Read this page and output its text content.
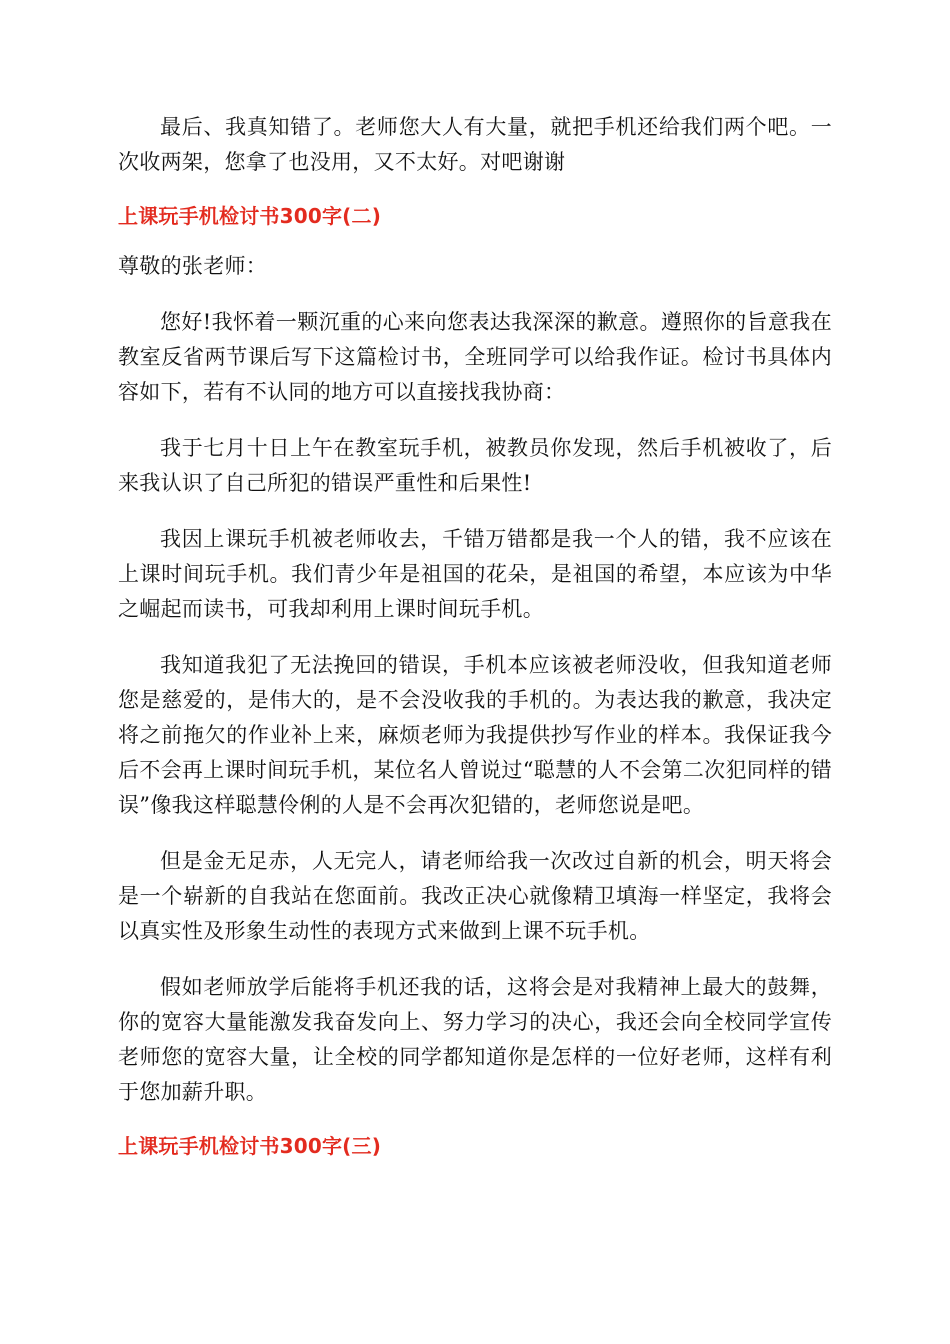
最后、我真知错了。老师您大人有大量，就把手机还给我们两个吧。一次收两架，您拿了也没用，又不太好。对吧谢谢

上课玩手机检讨书300字(二)

尊敬的张老师：

您好!我怀着一颗沉重的心来向您表达我深深的歉意。遵照你的旨意我在教室反省两节课后写下这篇检讨书，全班同学可以给我作证。检讨书具体内容如下，若有不认同的地方可以直接找我协商：

我于七月十日上午在教室玩手机，被教员你发现，然后手机被收了，后来我认识了自己所犯的错误严重性和后果性!

我因上课玩手机被老师收去，千错万错都是我一个人的错，我不应该在上课时间玩手机。我们青少年是祖国的花朵，是祖国的希望，本应该为中华之崛起而读书，可我却利用上课时间玩手机。

我知道我犯了无法挽回的错误，手机本应该被老师没收，但我知道老师您是慈爱的，是伟大的，是不会没收我的手机的。为表达我的歉意，我决定将之前拖欠的作业补上来，麻烦老师为我提供抄写作业的样本。我保证我今后不会再上课时间玩手机，某位名人曾说过“聪慧的人不会第二次犯同样的错误”像我这样聪慧伶俐的人是不会再次犯错的，老师您说是吧。

但是金无足赤，人无完人，请老师给我一次改过自新的机会，明天将会是一个崭新的自我站在您面前。我改正决心就像精卫填海一样坚定，我将会以真实性及形象生动性的表现方式来做到上课不玩手机。

假如老师放学后能将手机还我的话，这将会是对我精神上最大的鼓舞，你的宽容大量能激发我奋发向上、努力学习的决心，我还会向全校同学宣传老师您的宽容大量，让全校的同学都知道你是怎样的一位好老师，这样有利于您加薪升职。

上课玩手机检讨书300字(三)
